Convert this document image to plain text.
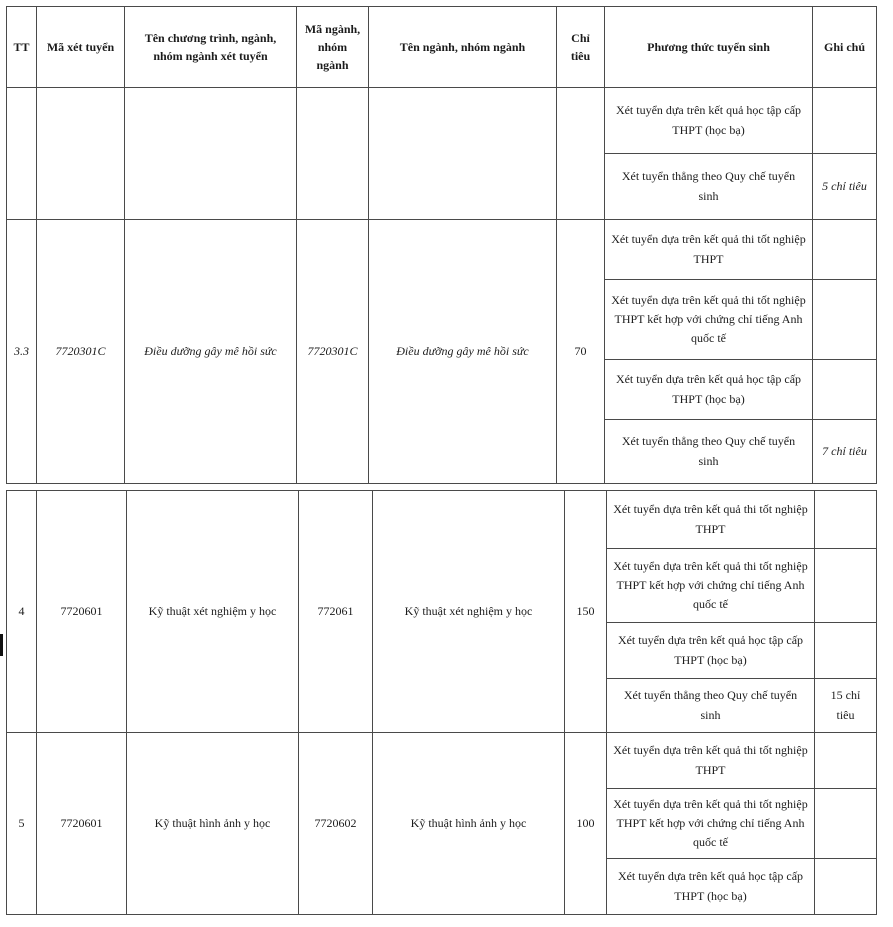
TT	Mã xét tuyển	Tên chương trình, ngành, nhóm ngành xét tuyển	Mã ngành, nhóm ngành	Tên ngành, nhóm ngành	Chỉ tiêu	Phương thức tuyển sinh	Ghi chú
						Xét tuyển dựa trên kết quả học tập cấp THPT (học bạ)	
						Xét tuyển thẳng theo Quy chế tuyển sinh	5 chỉ tiêu
3.3	7720301C	Điều dưỡng gây mê hồi sức	7720301C	Điều dưỡng gây mê hồi sức	70	Xét tuyển dựa trên kết quả thi tốt nghiệp THPT	
						Xét tuyển dựa trên kết quả thi tốt nghiệp THPT kết hợp với chứng chỉ tiếng Anh quốc tế	
						Xét tuyển dựa trên kết quả học tập cấp THPT (học bạ)	
						Xét tuyển thẳng theo Quy chế tuyển sinh	7 chỉ tiêu
4	7720601	Kỹ thuật xét nghiệm y học	772061	Kỹ thuật xét nghiệm y học	150	Xét tuyển dựa trên kết quả thi tốt nghiệp THPT	
						Xét tuyển dựa trên kết quả thi tốt nghiệp THPT kết hợp với chứng chỉ tiếng Anh quốc tế	
						Xét tuyển dựa trên kết quả học tập cấp THPT (học bạ)	
						Xét tuyển thẳng theo Quy chế tuyển sinh	15 chỉ tiêu
5	7720601	Kỹ thuật hình ảnh y học	7720602	Kỹ thuật hình ảnh y học	100	Xét tuyển dựa trên kết quả thi tốt nghiệp THPT	
						Xét tuyển dựa trên kết quả thi tốt nghiệp THPT kết hợp với chứng chỉ tiếng Anh quốc tế	
						Xét tuyển dựa trên kết quả học tập cấp THPT (học bạ)	
